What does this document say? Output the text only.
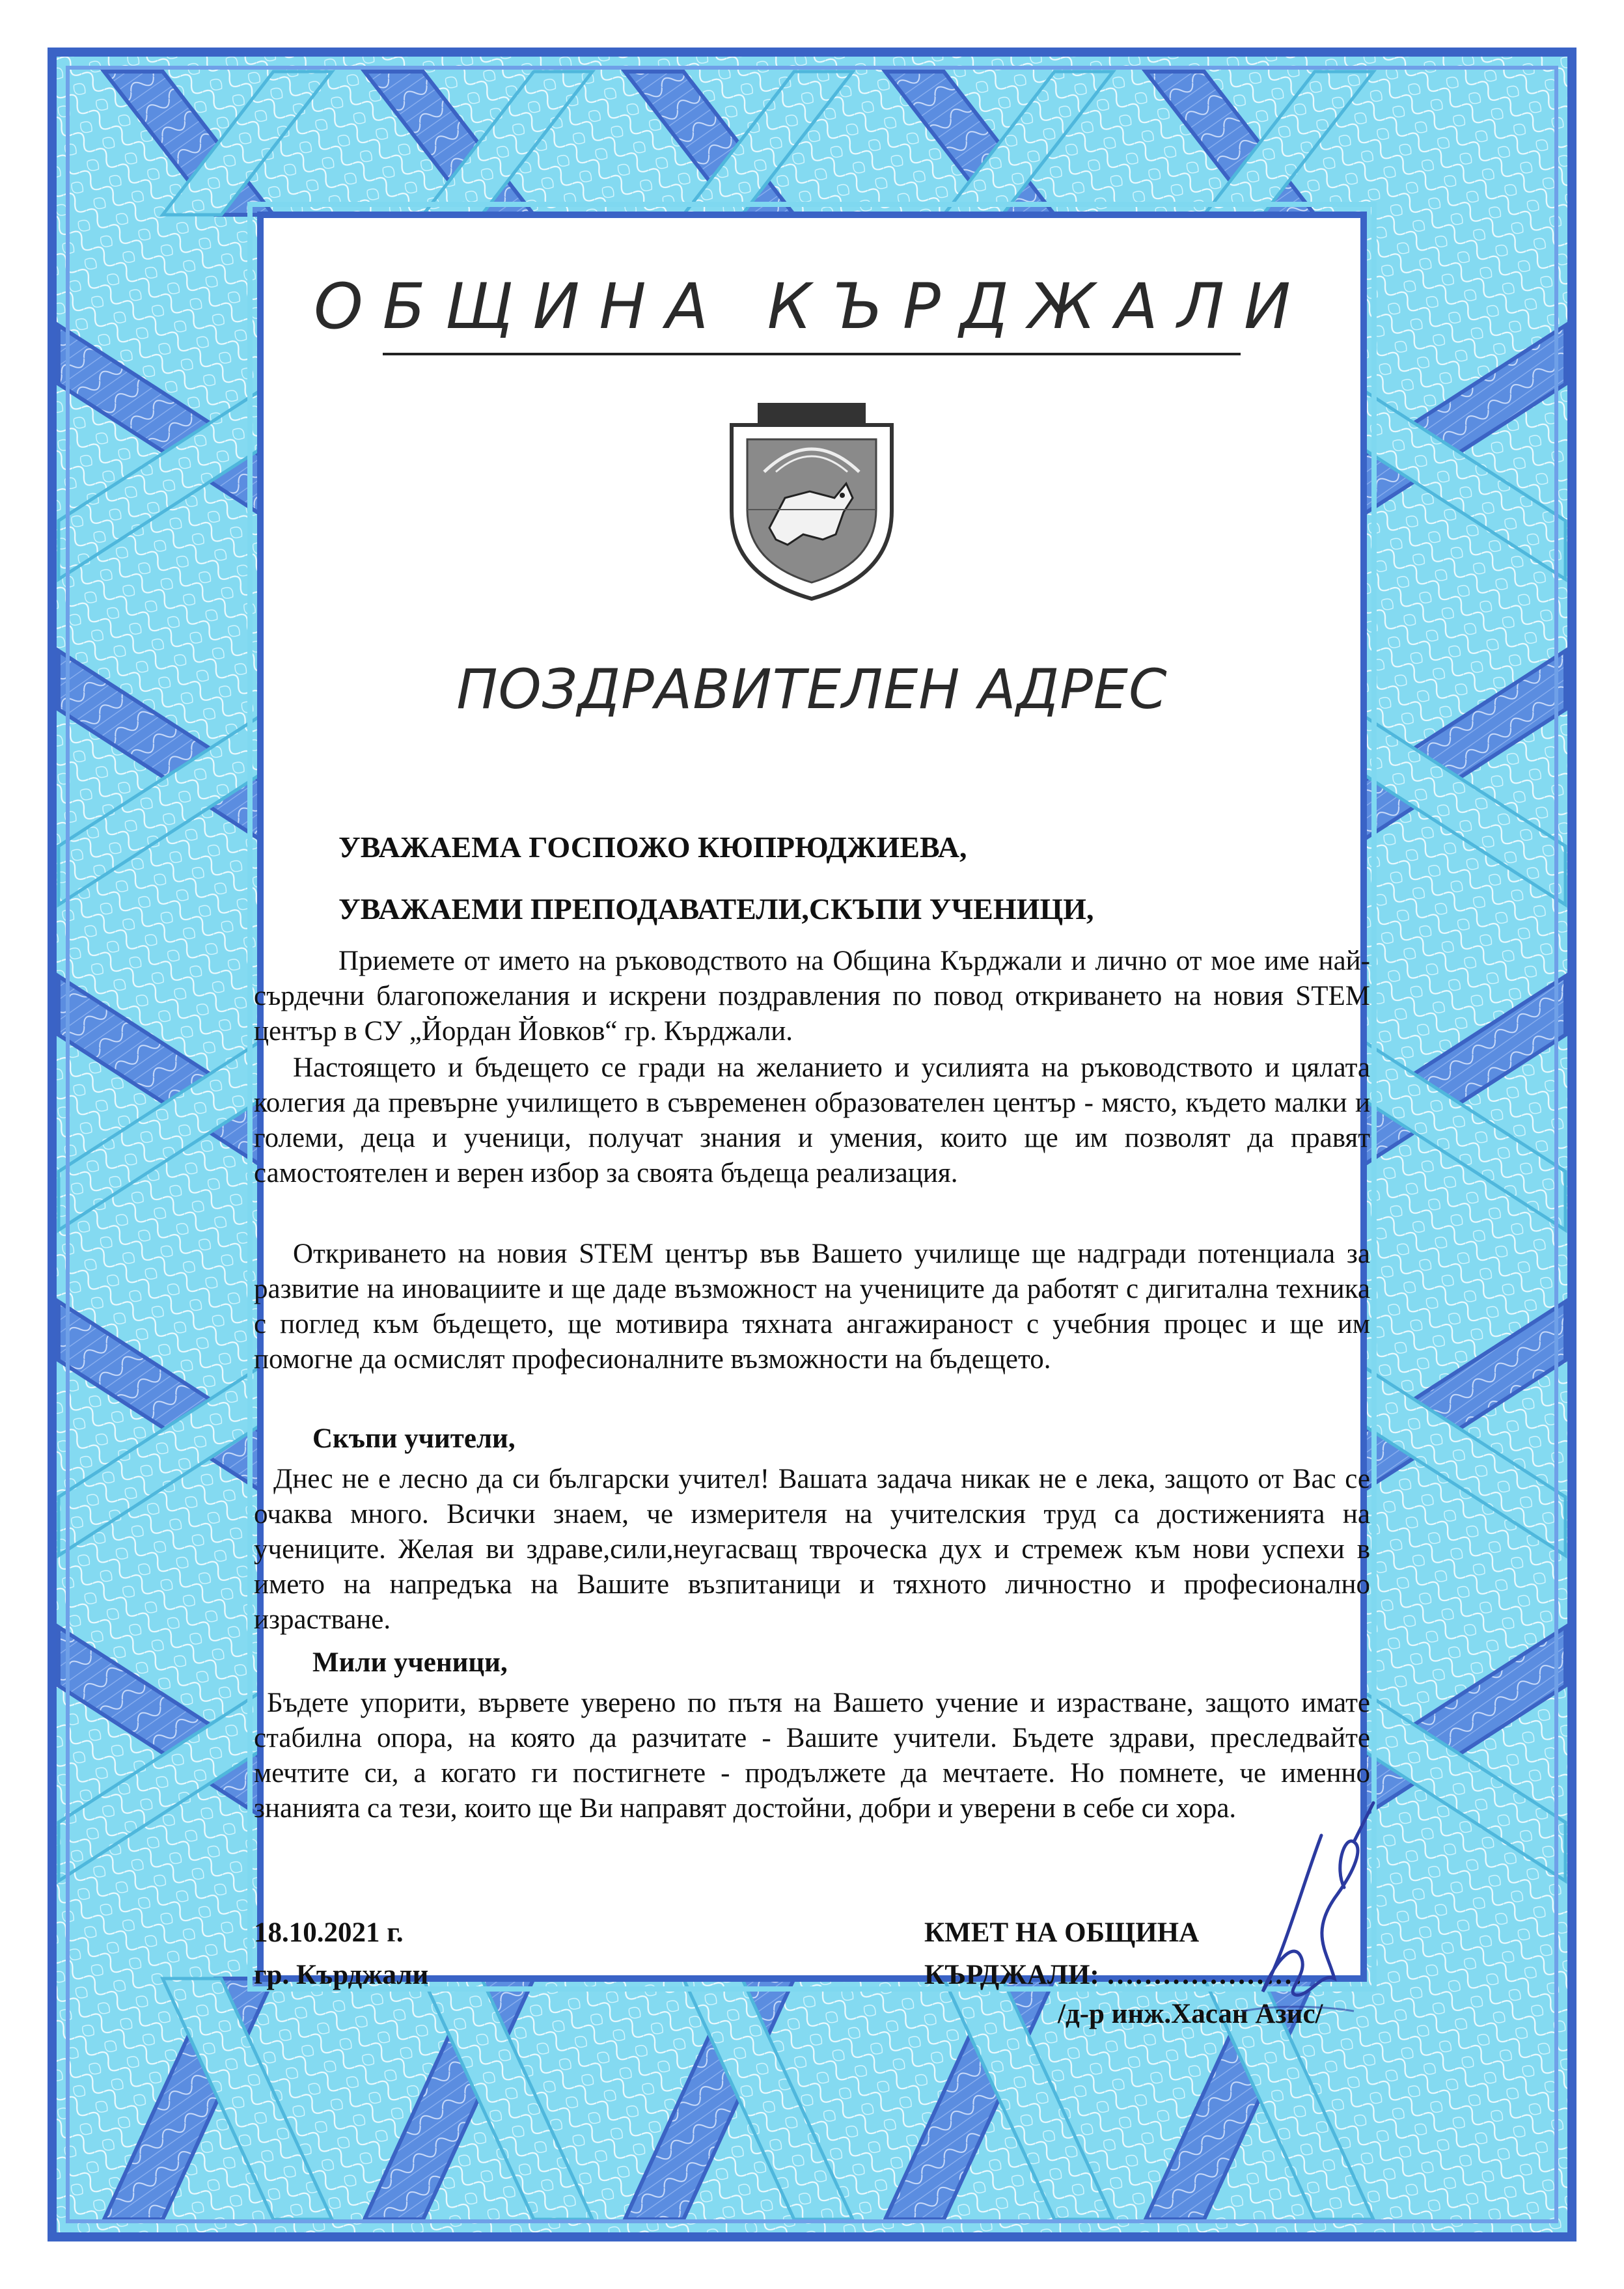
ОБЩИНА КЪРДЖАЛИ
ПОЗДРАВИТЕЛЕН АДРЕС
УВАЖАЕМА ГОСПОЖО КЮПРЮДЖИЕВА,
УВАЖАЕМИ ПРЕПОДАВАТЕЛИ,СКЪПИ УЧЕНИЦИ,

Приемете от името на ръководството на Община Кърджали и лично от мое име най-сърдечни благопожелания и искрени поздравления по повод откриването на новия STEM център в СУ „Йордан Йовков“ гр. Кърджали.

Настоящето и бъдещето се гради на желанието и усилията на ръководството и цялата колегия да превърне училището в съвременен образователен център - място, където малки и големи, деца и ученици, получат знания и умения, които ще им позволят да правят самостоятелен и верен избор за своята бъдеща реализация.

Откриването на новия STEM център във Вашето училище ще надгради потенциала за развитие на иновациите и ще даде възможност на учениците да работят с дигитална техника с поглед към бъдещето, ще мотивира тяхната ангажираност с учебния процес и ще им помогне да осмислят професионалните възможности на бъдещето.

Скъпи учители,

Днес не е лесно да си български учител! Вашата задача никак не е лека, защото от Вас се очаква много. Всички знаем, че измерителя на учителския труд са достиженията на учениците. Желая ви здраве,сили,неугасващ твроческа дух и стремеж към нови успехи в името на напредъка на Вашите възпитаници и тяхното личностно и професионално израстване.

Мили ученици,

Бъдете упорити, вървете уверено по пътя на Вашето учение и израстване, защото имате стабилна опора, на която да разчитате - Вашите учители. Бъдете здрави, преследвайте мечтите си, а когато ги постигнете - продължете да мечтаете. Но помнете, че именно знанията са тези, които ще Ви направят достойни, добри и уверени в себе си хора.

18.10.2021 г.
гр. Кърджали
КМЕТ НА ОБЩИНА
КЪРДЖАЛИ: …………………
/д-р инж.Хасан Азис/
